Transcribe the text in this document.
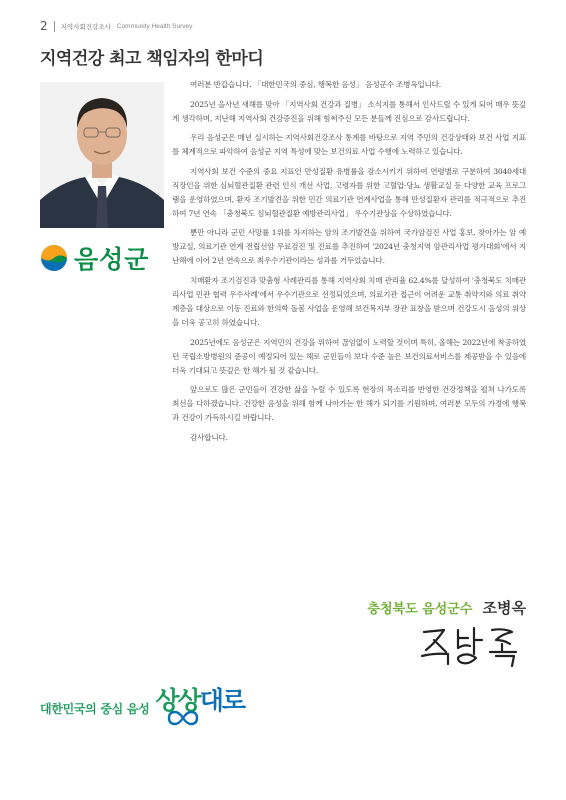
2 지역사회건강조사 Community Health Survey
지역건강 최고 책임자의 한마디
음성군

여러분 반갑습니다. 「대한민국의 중심, 행복한 음성」 음성군수 조병옥입니다.

2025년 을사년 새해를 맞아 「지역사회 건강과 질병」 소식지를 통해서 인사드릴 수 있게 되어 매우 뜻깊게 생각하며, 지난해 지역사회 건강증진을 위해 힘써주신 모든 분들께 진심으로 감사드립니다.

우리 음성군은 매년 실시하는 지역사회건강조사 통계를 바탕으로 지역 주민의 건강상태와 보건 사업 지표를 체계적으로 파악하여 음성군 지역 특성에 맞는 보건의료 사업 수행에 노력하고 있습니다.

지역사회 보건 수준의 중요 지표인 만성질환 유병률을 감소시키기 위하여 연령별로 구분하여 3040세대 직장인을 위한 심뇌혈관질환 관련 인식 개선 사업, 고령자를 위한 고혈압·당뇨 생활교실 등 다양한 교육 프로그램을 운영하였으며, 환자 조기발견을 위한 민간 의료기관 연계사업을 통해 만성질환자 관리를 적극적으로 추진하여 7년 연속 「충청북도 심뇌혈관질환 예방관리사업」 우수기관상을 수상하였습니다.

뿐만 아니라 군민 사망률 1위를 차지하는 암의 조기발견을 위하여 국가암검진 사업 홍보, 찾아가는 암 예방교실, 의료기관 연계 전립선암 무료검진 및 진료를 추진하여 '2024년 충청지역 암관리사업 평가대회'에서 지난해에 이어 2년 연속으로 최우수기관이라는 성과를 거두었습니다.

치매환자 조기검진과 맞춤형 사례관리를 통해 지역사회 치매 관리율 62.4%를 달성하여 '충청북도 치매관리사업 민관 협력 우수사례'에서 우수기관으로 선정되었으며, 의료기관 접근이 어려운 교통 취약지와 의료 취약 계층을 대상으로 이동 진료와 한의학 돌봄 사업을 운영해 보건복지부 장관 표창을 받으며 건강도시 음성의 위상을 더욱 공고히 하였습니다.

2025년에도 음성군은 지역민의 건강을 위하여 끊임없이 노력할 것이며 특히, 올해는 2022년에 착공하였던 국립소방병원의 준공이 예정되어 있는 해로 군민들이 보다 수준 높은 보건의료서비스를 제공받을 수 있음에 더욱 기대되고 뜻깊은 한 해가 될 것 같습니다.

앞으로도 많은 군민들이 건강한 삶을 누릴 수 있도록 현장의 목소리를 반영한 건강정책을 펼쳐 나가도록 최선을 다하겠습니다. 건강한 음성을 위해 함께 나아가는 한 해가 되기를 기원하며, 여러분 모두의 가정에 행복과 건강이 가득하시길 바랍니다.

감사합니다.

충청북도 음성군수 조병옥
대한민국의 중심 음성 상상대로
